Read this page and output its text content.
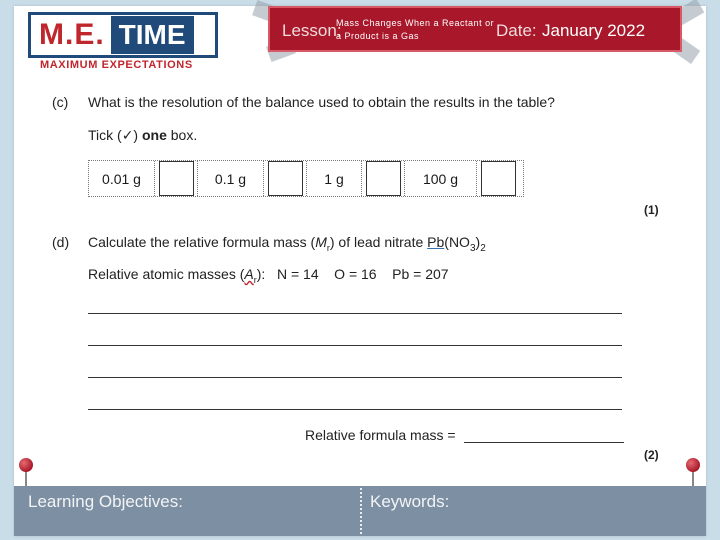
M.E. TIME
MAXIMUM EXPECTATIONS
Lesson:
Mass Changes When a Reactant or a Product is a Gas	Date: January 2022
(c) What is the resolution of the balance used to obtain the results in the table?
Tick (✓) one box.
0.01 g	0.1 g	1 g	100 g
(1)
(d) Calculate the relative formula mass $(M_r)$ of lead nitrate $Pb(NO_3)_2$
Relative atomic masses $(A_r)$: N = 14    O = 16    Pb = 207
Relative formula mass =
(2)
Learning Objectives:	Keywords:
